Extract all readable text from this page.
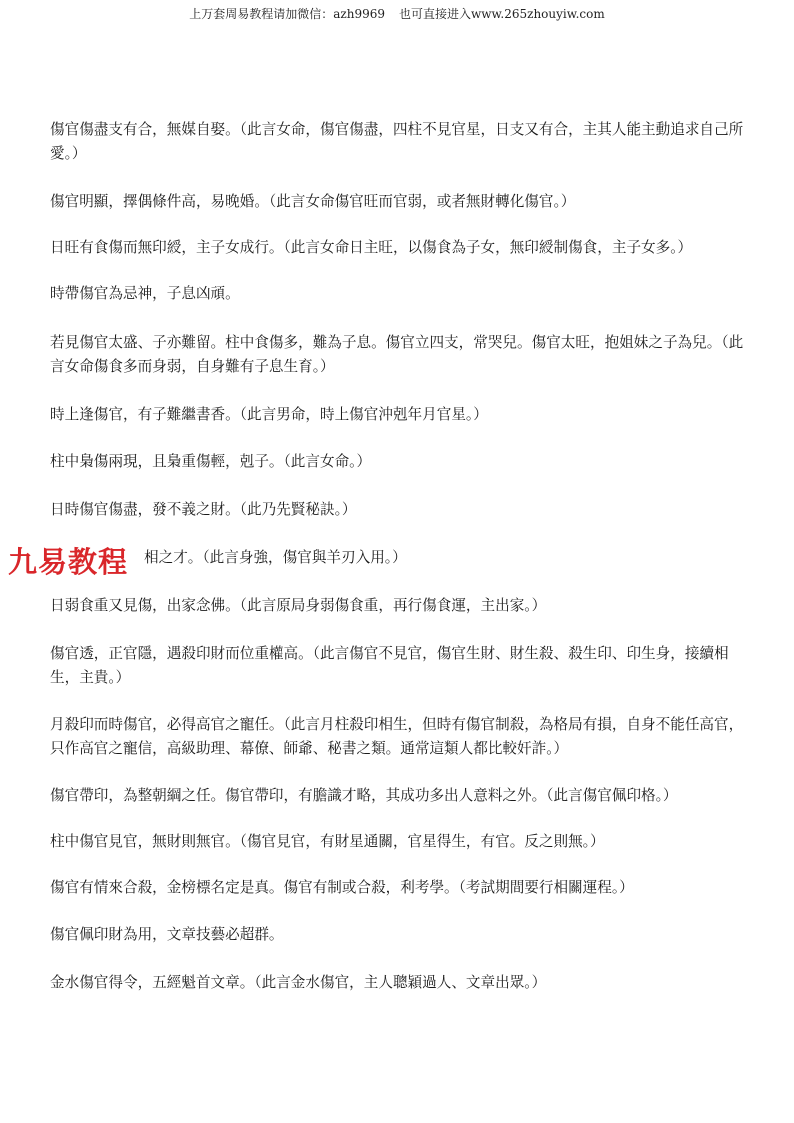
上万套周易教程请加微信：azh9969 也可直接进入www.265zhouyiw.com

傷官傷盡支有合，無媒自娶。（此言女命，傷官傷盡，四柱不見官星，日支又有合，主其人能主動追求自己所愛。）

傷官明顯，擇偶條件高，易晚婚。（此言女命傷官旺而官弱，或者無財轉化傷官。）

日旺有食傷而無印綬，主子女成行。（此言女命日主旺，以傷食為子女，無印綬制傷食，主子女多。）

時帶傷官為忌神，子息凶頑。

若見傷官太盛、子亦難留。柱中食傷多，難為子息。傷官立四支，常哭兒。傷官太旺，抱姐妹之子為兒。（此言女命傷食多而身弱，自身難有子息生育。）

時上逢傷官，有子難繼書香。（此言男命，時上傷官沖剋年月官星。）

柱中梟傷兩現，且梟重傷輕，剋子。（此言女命。）

日時傷官傷盡，發不義之財。（此乃先賢秘訣。）

相之才。（此言身強，傷官與羊刃入用。）

日弱食重又見傷，出家念佛。（此言原局身弱傷食重，再行傷食運，主出家。）

傷官透，正官隱，遇殺印財而位重權高。（此言傷官不見官，傷官生財、財生殺、殺生印、印生身，接續相生，主貴。）

月殺印而時傷官，必得高官之寵任。（此言月柱殺印相生，但時有傷官制殺，為格局有損，自身不能任高官，只作高官之寵信，高級助理、幕僚、師爺、秘書之類。通常這類人都比較奸詐。）

傷官帶印，為整朝綱之任。傷官帶印，有膽識才略，其成功多出人意料之外。（此言傷官佩印格。）

柱中傷官見官，無財則無官。（傷官見官，有財星通關，官星得生，有官。反之則無。）

傷官有情來合殺，金榜標名定是真。傷官有制或合殺，利考學。（考試期間要行相關運程。）

傷官佩印財為用，文章技藝必超群。

金水傷官得令，五經魁首文章。（此言金水傷官，主人聰穎過人、文章出眾。）

九易教程
